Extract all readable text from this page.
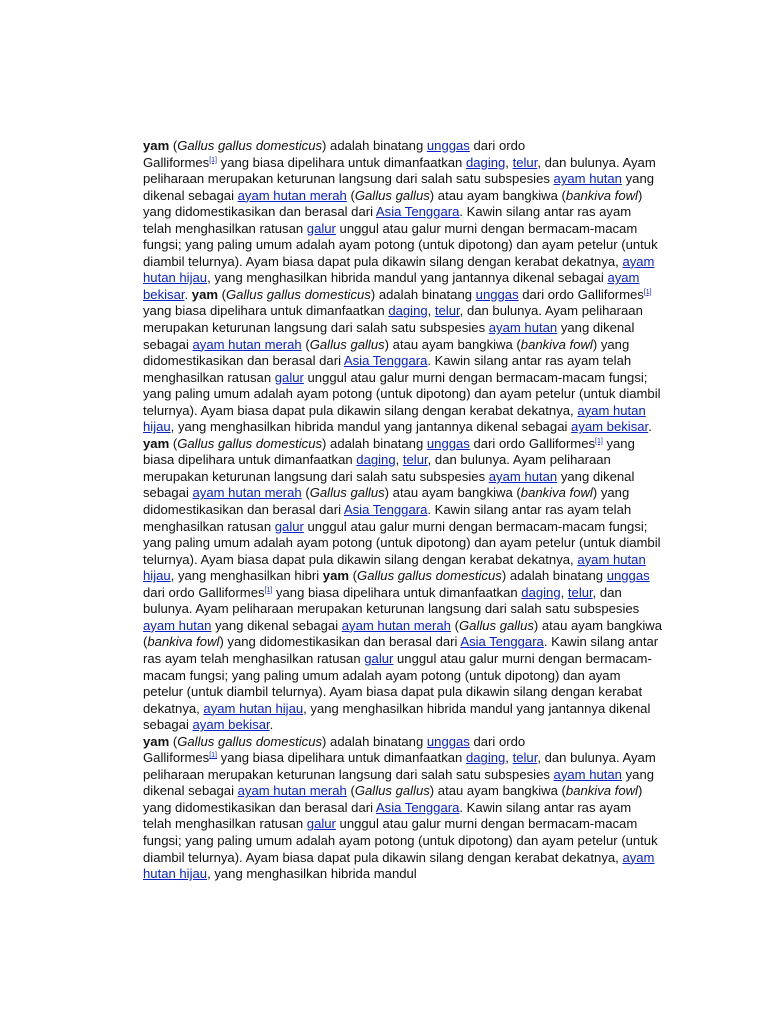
yam (Gallus gallus domesticus) adalah binatang unggas dari ordo
Galliformes[1] yang biasa dipelihara untuk dimanfaatkan daging, telur, dan bulunya. Ayam peliharaan merupakan keturunan langsung dari salah satu subspesies ayam hutan yang dikenal sebagai ayam hutan merah (Gallus gallus) atau ayam bangkiwa (bankiva fowl) yang didomestikasikan dan berasal dari Asia Tenggara. Kawin silang antar ras ayam telah menghasilkan ratusan galur unggul atau galur murni dengan bermacam-macam fungsi; yang paling umum adalah ayam potong (untuk dipotong) dan ayam petelur (untuk diambil telurnya). Ayam biasa dapat pula dikawin silang dengan kerabat dekatnya, ayam hutan hijau, yang menghasilkan hibrida mandul yang jantannya dikenal sebagai ayam bekisar. yam (Gallus gallus domesticus) adalah binatang unggas dari ordo Galliformes[1] yang biasa dipelihara untuk dimanfaatkan daging, telur, dan bulunya. Ayam peliharaan merupakan keturunan langsung dari salah satu subspesies ayam hutan yang dikenal sebagai ayam hutan merah (Gallus gallus) atau ayam bangkiwa (bankiva fowl) yang didomestikasikan dan berasal dari Asia Tenggara. Kawin silang antar ras ayam telah menghasilkan ratusan galur unggul atau galur murni dengan bermacam-macam fungsi; yang paling umum adalah ayam potong (untuk dipotong) dan ayam petelur (untuk diambil telurnya). Ayam biasa dapat pula dikawin silang dengan kerabat dekatnya, ayam hutan hijau, yang menghasilkan hibrida mandul yang jantannya dikenal sebagai ayam bekisar. yam (Gallus gallus domesticus) adalah binatang unggas dari ordo Galliformes[1] yang biasa dipelihara untuk dimanfaatkan daging, telur, dan bulunya. Ayam peliharaan merupakan keturunan langsung dari salah satu subspesies ayam hutan yang dikenal sebagai ayam hutan merah (Gallus gallus) atau ayam bangkiwa (bankiva fowl) yang didomestikasikan dan berasal dari Asia Tenggara. Kawin silang antar ras ayam telah menghasilkan ratusan galur unggul atau galur murni dengan bermacam-macam fungsi; yang paling umum adalah ayam potong (untuk dipotong) dan ayam petelur (untuk diambil telurnya). Ayam biasa dapat pula dikawin silang dengan kerabat dekatnya, ayam hutan hijau, yang menghasilkan hibri yam (Gallus gallus domesticus) adalah binatang unggas dari ordo Galliformes[1] yang biasa dipelihara untuk dimanfaatkan daging, telur, dan bulunya. Ayam peliharaan merupakan keturunan langsung dari salah satu subspesies ayam hutan yang dikenal sebagai ayam hutan merah (Gallus gallus) atau ayam bangkiwa (bankiva fowl) yang didomestikasikan dan berasal dari Asia Tenggara. Kawin silang antar ras ayam telah menghasilkan ratusan galur unggul atau galur murni dengan bermacam-macam fungsi; yang paling umum adalah ayam potong (untuk dipotong) dan ayam petelur (untuk diambil telurnya). Ayam biasa dapat pula dikawin silang dengan kerabat dekatnya, ayam hutan hijau, yang menghasilkan hibrida mandul yang jantannya dikenal sebagai ayam bekisar.

yam (Gallus gallus domesticus) adalah binatang unggas dari ordo
Galliformes[1] yang biasa dipelihara untuk dimanfaatkan daging, telur, dan bulunya. Ayam peliharaan merupakan keturunan langsung dari salah satu subspesies ayam hutan yang dikenal sebagai ayam hutan merah (Gallus gallus) atau ayam bangkiwa (bankiva fowl) yang didomestikasikan dan berasal dari Asia Tenggara. Kawin silang antar ras ayam telah menghasilkan ratusan galur unggul atau galur murni dengan bermacam-macam fungsi; yang paling umum adalah ayam potong (untuk dipotong) dan ayam petelur (untuk diambil telurnya). Ayam biasa dapat pula dikawin silang dengan kerabat dekatnya, ayam hutan hijau, yang menghasilkan hibrida mandul
